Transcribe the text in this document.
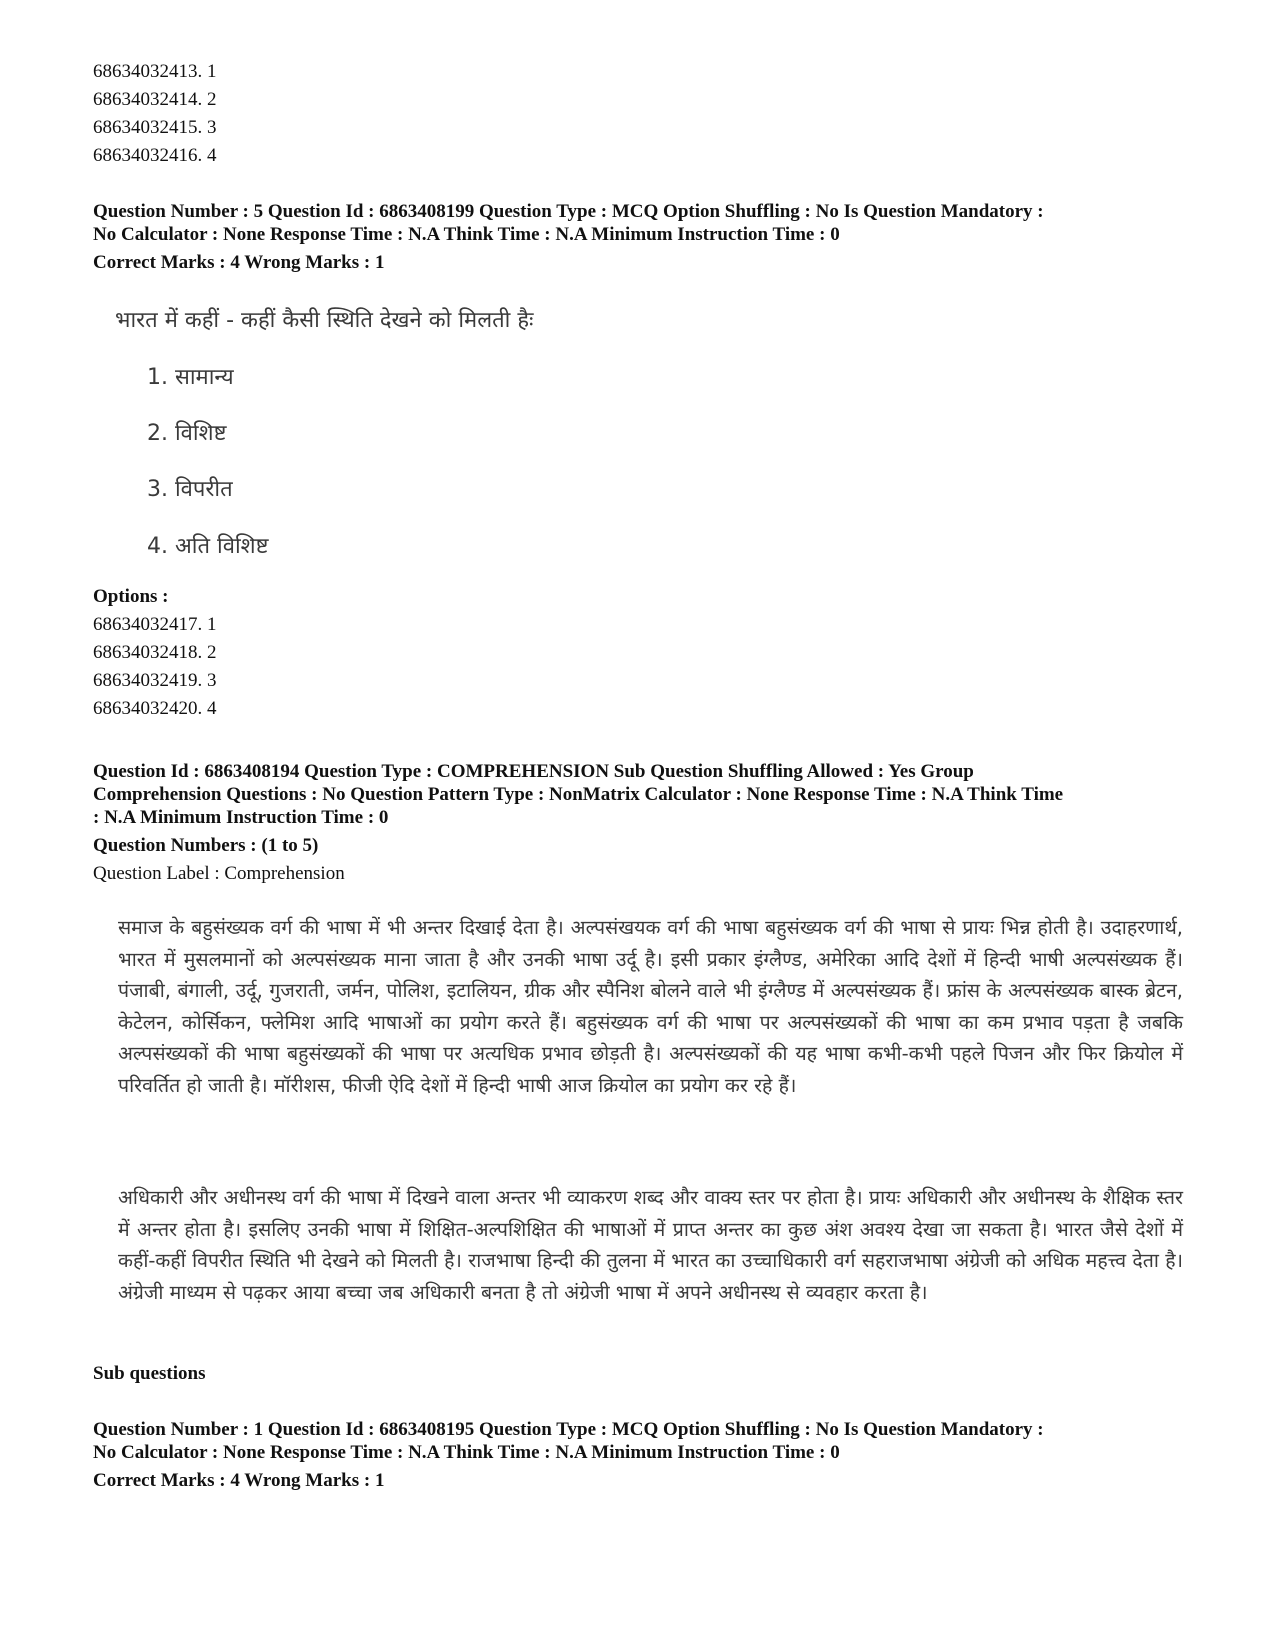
68634032413. 1
68634032414. 2
68634032415. 3
68634032416. 4
Question Number : 5 Question Id : 6863408199 Question Type : MCQ Option Shuffling : No Is Question Mandatory :
No Calculator : None Response Time : N.A Think Time : N.A Minimum Instruction Time : 0
Correct Marks : 4 Wrong Marks : 1
भारत में कहीं - कहीं कैसी स्थिति देखने को मिलती हैः
1. सामान्य
2. विशिष्ट
3. विपरीत
4. अति विशिष्ट
Options :
68634032417. 1
68634032418. 2
68634032419. 3
68634032420. 4
Question Id : 6863408194 Question Type : COMPREHENSION Sub Question Shuffling Allowed : Yes Group
Comprehension Questions : No Question Pattern Type : NonMatrix Calculator : None Response Time : N.A Think Time
: N.A Minimum Instruction Time : 0
Question Numbers : (1 to 5)
Question Label : Comprehension
समाज के बहुसंख्यक वर्ग की भाषा में भी अन्तर दिखाई देता है। अल्पसंखयक वर्ग की भाषा बहुसंख्यक वर्ग की भाषा से प्रायः भिन्न होती है। उदाहरणार्थ, भारत में मुसलमानों को अल्पसंख्यक माना जाता है और उनकी भाषा उर्दू है। इसी प्रकार इंग्लैण्ड, अमेरिका आदि देशों में हिन्दी भाषी अल्पसंख्यक हैं। पंजाबी, बंगाली, उर्दू, गुजराती, जर्मन, पोलिश, इटालियन, ग्रीक और स्पैनिश बोलने वाले भी इंग्लैण्ड में अल्पसंख्यक हैं। फ्रांस के अल्पसंख्यक बास्क ब्रेटन, केटेलन, कोर्सिकन, फ्लेमिश आदि भाषाओं का प्रयोग करते हैं। बहुसंख्यक वर्ग की भाषा पर अल्पसंख्यकों की भाषा का कम प्रभाव पड़ता है जबकि अल्पसंख्यकों की भाषा बहुसंख्यकों की भाषा पर अत्यधिक प्रभाव छोड़ती है। अल्पसंख्यकों की यह भाषा कभी-कभी पहले पिजन और फिर क्रियोल में परिवर्तित हो जाती है। मॉरीशस, फीजी ऐदि देशों में हिन्दी भाषी आज क्रियोल का प्रयोग कर रहे हैं।
अधिकारी और अधीनस्थ वर्ग की भाषा में दिखने वाला अन्तर भी व्याकरण शब्द और वाक्य स्तर पर होता है। प्रायः अधिकारी और अधीनस्थ के शैक्षिक स्तर में अन्तर होता है। इसलिए उनकी भाषा में शिक्षित-अल्पशिक्षित की भाषाओं में प्राप्त अन्तर का कुछ अंश अवश्य देखा जा सकता है। भारत जैसे देशों में कहीं-कहीं विपरीत स्थिति भी देखने को मिलती है। राजभाषा हिन्दी की तुलना में भारत का उच्चाधिकारी वर्ग सहराजभाषा अंग्रेजी को अधिक महत्त्व देता है। अंग्रेजी माध्यम से पढ़कर आया बच्चा जब अधिकारी बनता है तो अंग्रेजी भाषा में अपने अधीनस्थ से व्यवहार करता है।
Sub questions
Question Number : 1 Question Id : 6863408195 Question Type : MCQ Option Shuffling : No Is Question Mandatory :
No Calculator : None Response Time : N.A Think Time : N.A Minimum Instruction Time : 0
Correct Marks : 4 Wrong Marks : 1
